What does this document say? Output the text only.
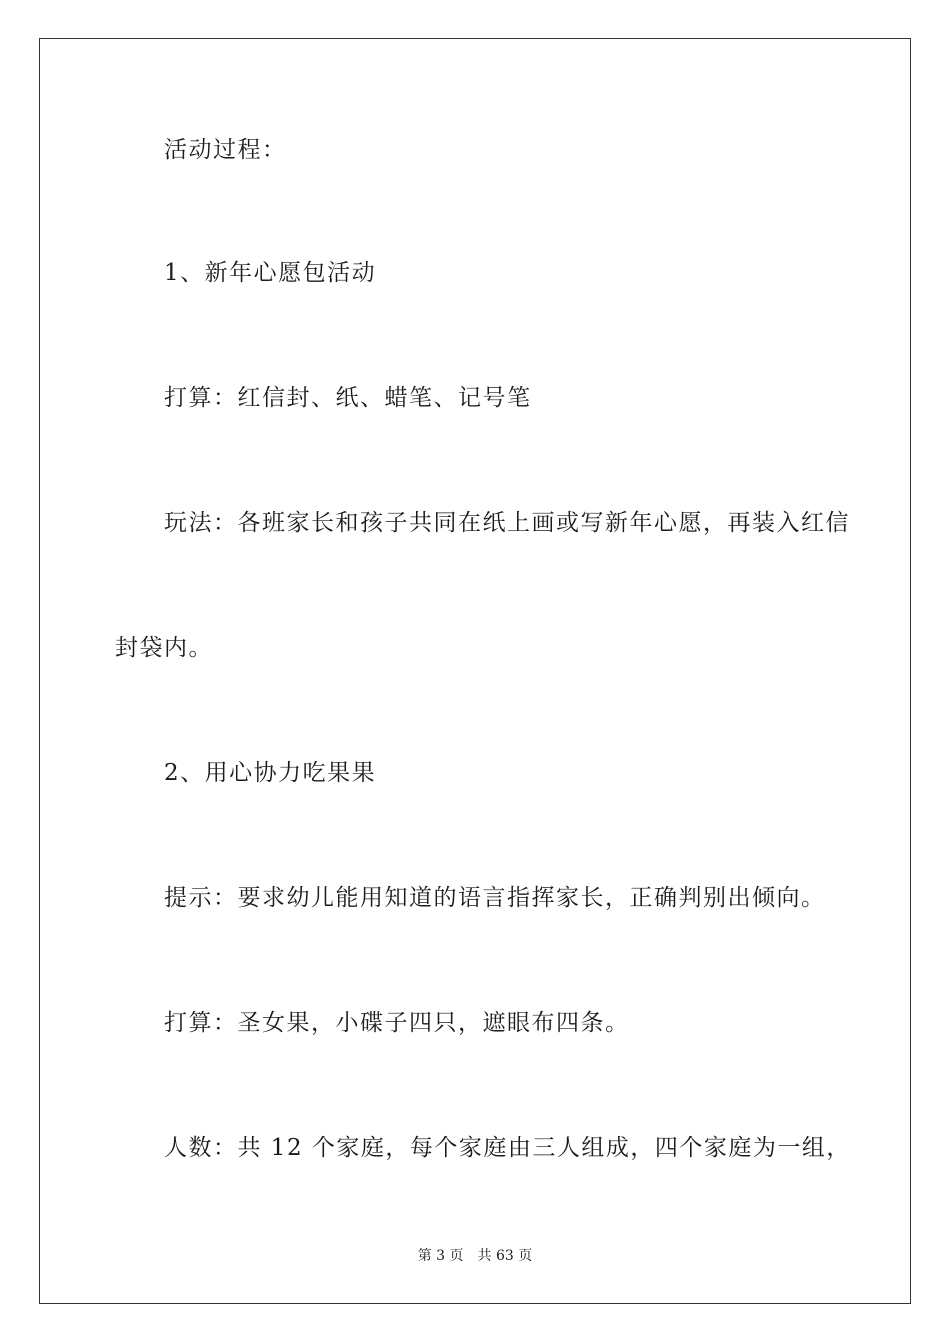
活动过程：

1、新年心愿包活动

打算：红信封、纸、蜡笔、记号笔

玩法：各班家长和孩子共同在纸上画或写新年心愿，再装入红信

封袋内。

2、用心协力吃果果

提示：要求幼儿能用知道的语言指挥家长，正确判别出倾向。

打算：圣女果，小碟子四只，遮眼布四条。

人数：共 12 个家庭，每个家庭由三人组成，四个家庭为一组，

第 3 页 共 63 页
